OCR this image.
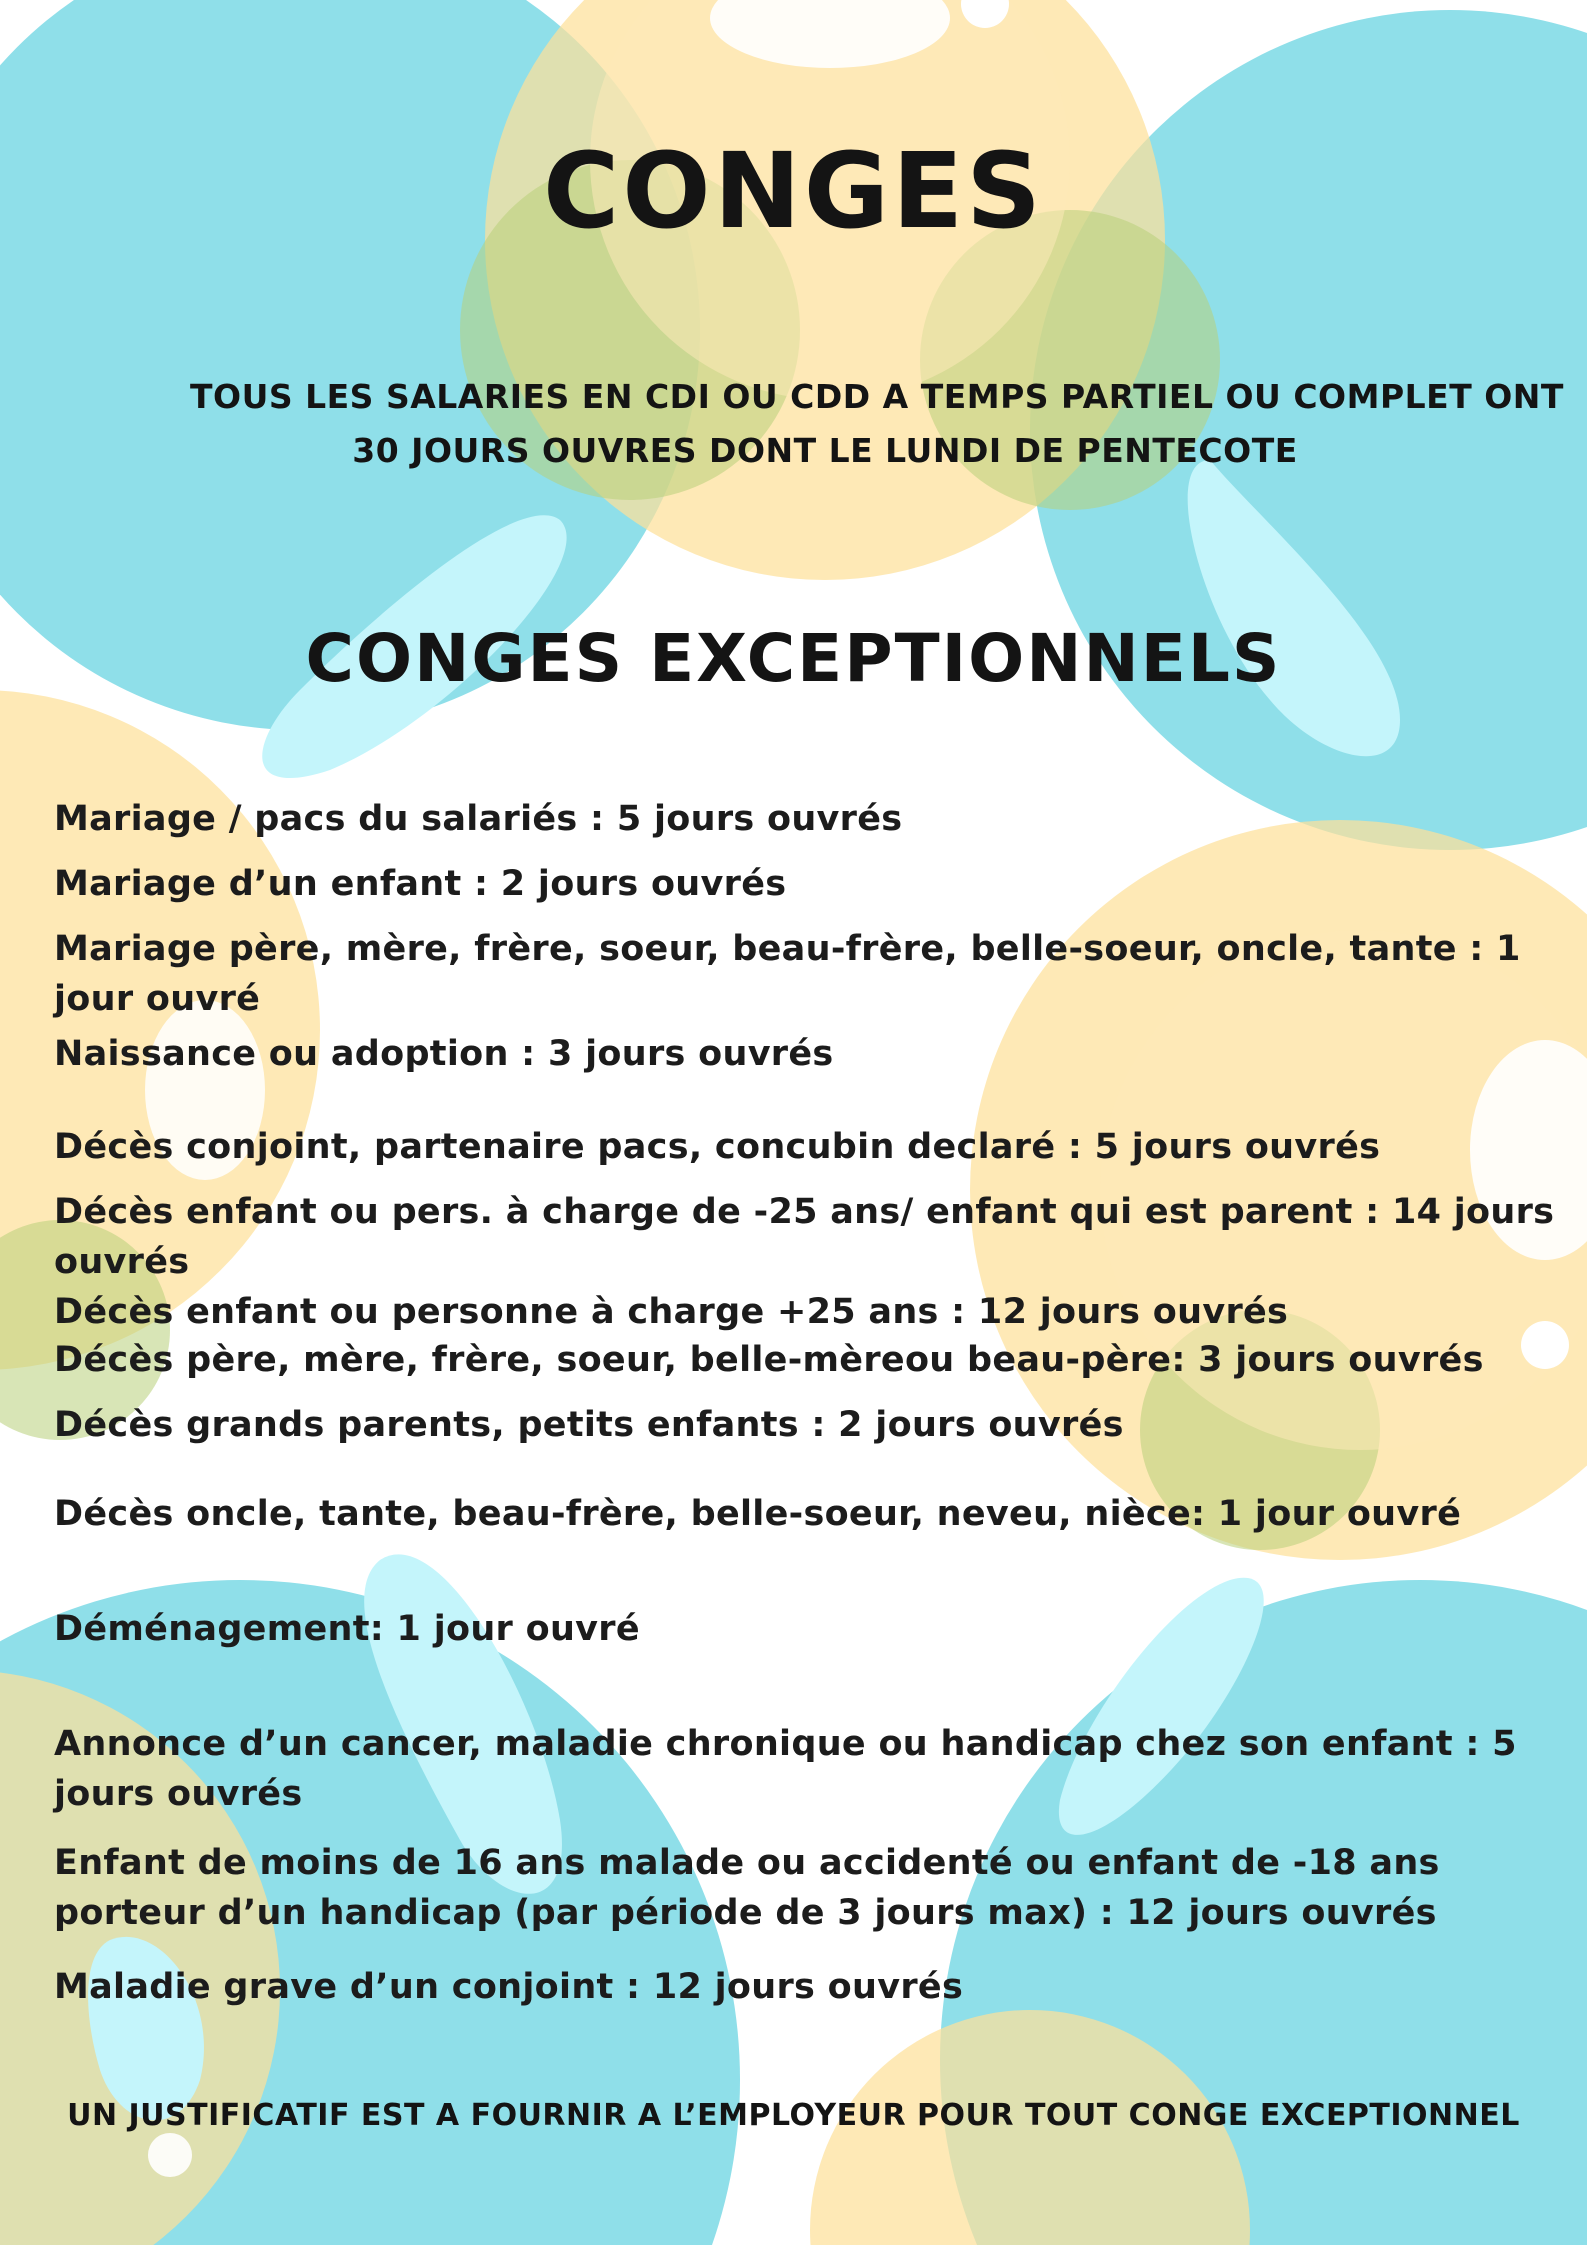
CONGES
TOUS LES SALARIES EN CDI OU CDD A TEMPS PARTIEL OU COMPLET ONT
30 JOURS OUVRES DONT LE LUNDI DE PENTECOTE
CONGES EXCEPTIONNELS
Mariage / pacs du salariés : 5 jours ouvrés
Mariage d’un enfant : 2 jours ouvrés
Mariage père, mère, frère, soeur, beau-frère, belle-soeur, oncle, tante : 1 jour ouvré
Naissance ou adoption : 3 jours ouvrés
Décès conjoint, partenaire pacs, concubin declaré : 5 jours ouvrés
Décès enfant ou pers. à charge de -25 ans/ enfant qui est parent : 14 jours ouvrés
Décès enfant ou personne à charge +25 ans : 12 jours ouvrés
Décès père, mère, frère, soeur, belle-mèreou beau-père: 3 jours ouvrés
Décès grands parents, petits enfants : 2 jours ouvrés
Décès oncle, tante, beau-frère, belle-soeur, neveu, nièce: 1 jour ouvré
Déménagement: 1 jour ouvré
Annonce d’un cancer, maladie chronique ou handicap chez son enfant : 5 jours ouvrés
Enfant de moins de 16 ans malade ou accidenté ou enfant de -18 ans porteur d’un handicap (par période de 3 jours max) : 12 jours ouvrés
Maladie grave d’un conjoint : 12 jours ouvrés
UN JUSTIFICATIF EST A FOURNIR A L’EMPLOYEUR POUR TOUT CONGE EXCEPTIONNEL
